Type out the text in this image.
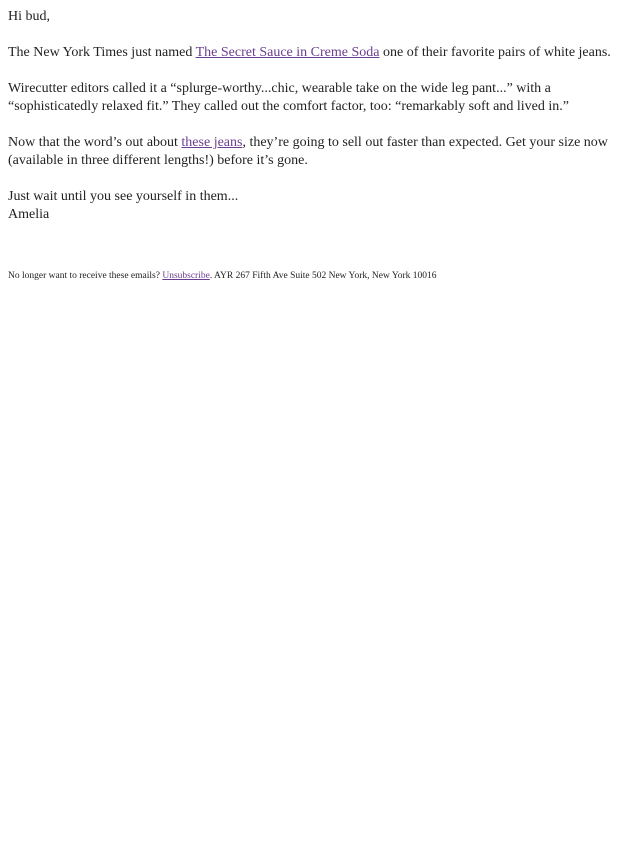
Hi bud,

The New York Times just named The Secret Sauce in Creme Soda one of their favorite pairs of white jeans.

Wirecutter editors called it a “splurge-worthy...chic, wearable take on the wide leg pant...” with a “sophisticatedly relaxed fit.” They called out the comfort factor, too: “remarkably soft and lived in.”

Now that the word’s out about these jeans, they’re going to sell out faster than expected. Get your size now (available in three different lengths!) before it’s gone.

Just wait until you see yourself in them...

Amelia

No longer want to receive these emails? Unsubscribe. AYR 267 Fifth Ave Suite 502 New York, New York 10016
